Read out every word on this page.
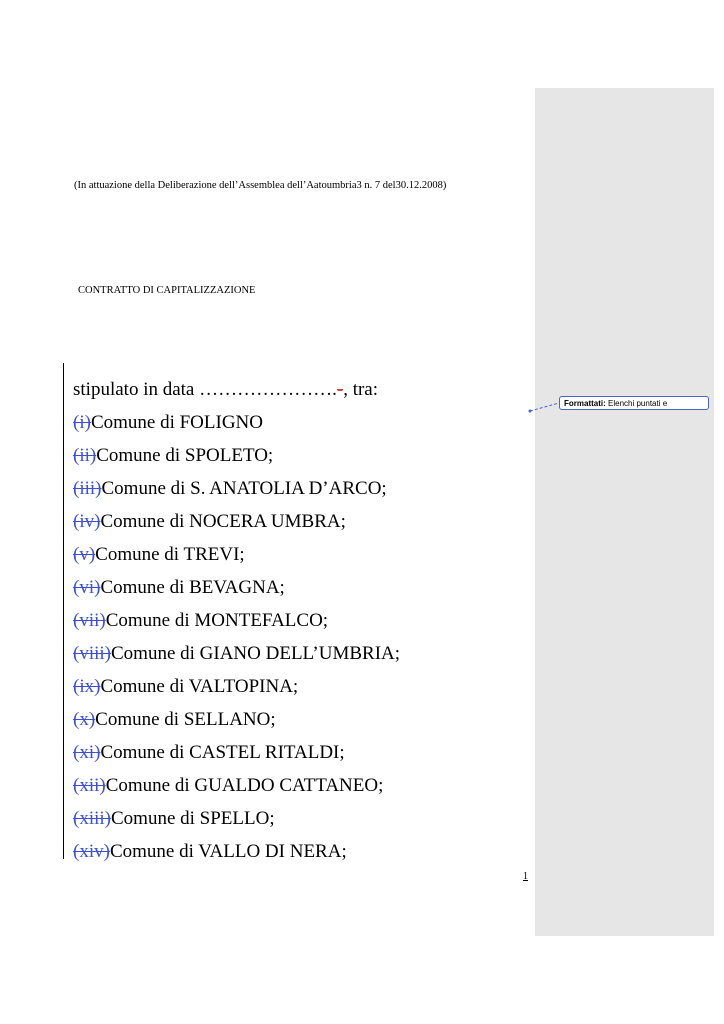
(In attuazione della Deliberazione dell’Assemblea dell’Aatoumbria3 n. 7 del30.12.2008)
CONTRATTO DI CAPITALIZZAZIONE
stipulato in data ………………….-, tra:
(i)Comune di FOLIGNO
(ii)Comune di SPOLETO;
(iii)Comune di S. ANATOLIA D’ARCO;
(iv)Comune di NOCERA UMBRA;
(v)Comune di TREVI;
(vi)Comune di BEVAGNA;
(vii)Comune di MONTEFALCO;
(viii)Comune di GIANO DELL’UMBRIA;
(ix)Comune di VALTOPINA;
(x)Comune di SELLANO;
(xi)Comune di CASTEL RITALDI;
(xii)Comune di GUALDO CATTANEO;
(xiii)Comune di SPELLO;
(xiv)Comune di VALLO DI NERA;
1
Formattati: Elenchi puntati e
